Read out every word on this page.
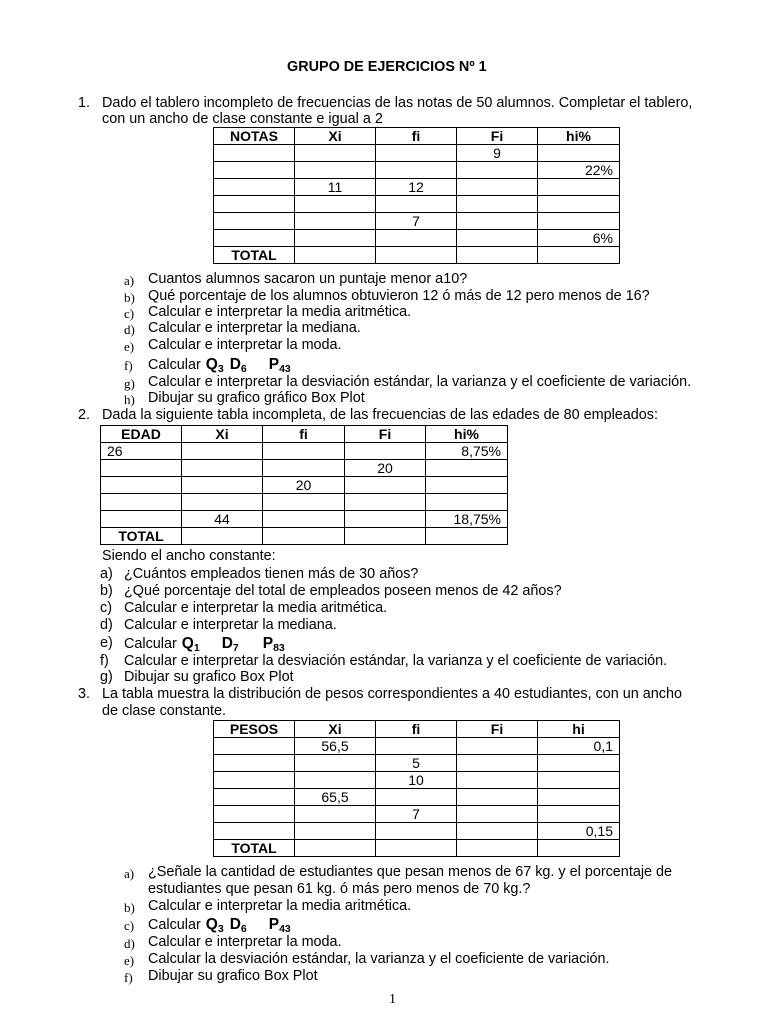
GRUPO DE EJERCICIOS Nº 1
1. Dado el tablero incompleto de frecuencias de las notas de 50 alumnos. Completar el tablero,
con un ancho de clase constante e igual a 2
NOTAS	Xi	fi	Fi	hi%
			9	
				22%
	11	12		

		7		
				6%
TOTAL				
a) Cuantos alumnos sacaron un puntaje menor a10?
b) Qué porcentaje de los alumnos obtuvieron 12 ó más de 12 pero menos de 16?
c) Calcular e interpretar la media aritmética.
d) Calcular e interpretar la mediana.
e) Calcular e interpretar la moda.
f) Calcular $Q_3$ $D_6$ $P_{43}$
g) Calcular e interpretar la desviación estándar, la varianza y el coeficiente de variación.
h) Dibujar su grafico gráfico Box Plot
2. Dada la siguiente tabla incompleta, de las frecuencias de las edades de 80 empleados:
EDAD	Xi	fi	Fi	hi%
26				8,75%
			20	
		20		

	44			18,75%
TOTAL				
Siendo el ancho constante:
a) ¿Cuántos empleados tienen más de 30 años?
b) ¿Qué porcentaje del total de empleados poseen menos de 42 años?
c) Calcular e interpretar la media aritmética.
d) Calcular e interpretar la mediana.
e) Calcular $Q_1$ $D_7$ $P_{83}$
f) Calcular e interpretar la desviación estándar, la varianza y el coeficiente de variación.
g) Dibujar su grafico Box Plot
3. La tabla muestra la distribución de pesos correspondientes a 40 estudiantes, con un ancho
de clase constante.
PESOS	Xi	fi	Fi	hi
	56,5			0,1
		5		
		10		
	65,5			
		7		
				0,15
TOTAL				
a) ¿Señale la cantidad de estudiantes que pesan menos de 67 kg. y el porcentaje de
estudiantes que pesan 61 kg. ó más pero menos de 70 kg.?
b) Calcular e interpretar la media aritmética.
c) Calcular $Q_3$ $D_6$ $P_{43}$
d) Calcular e interpretar la moda.
e) Calcular la desviación estándar, la varianza y el coeficiente de variación.
f) Dibujar su grafico Box Plot
1
